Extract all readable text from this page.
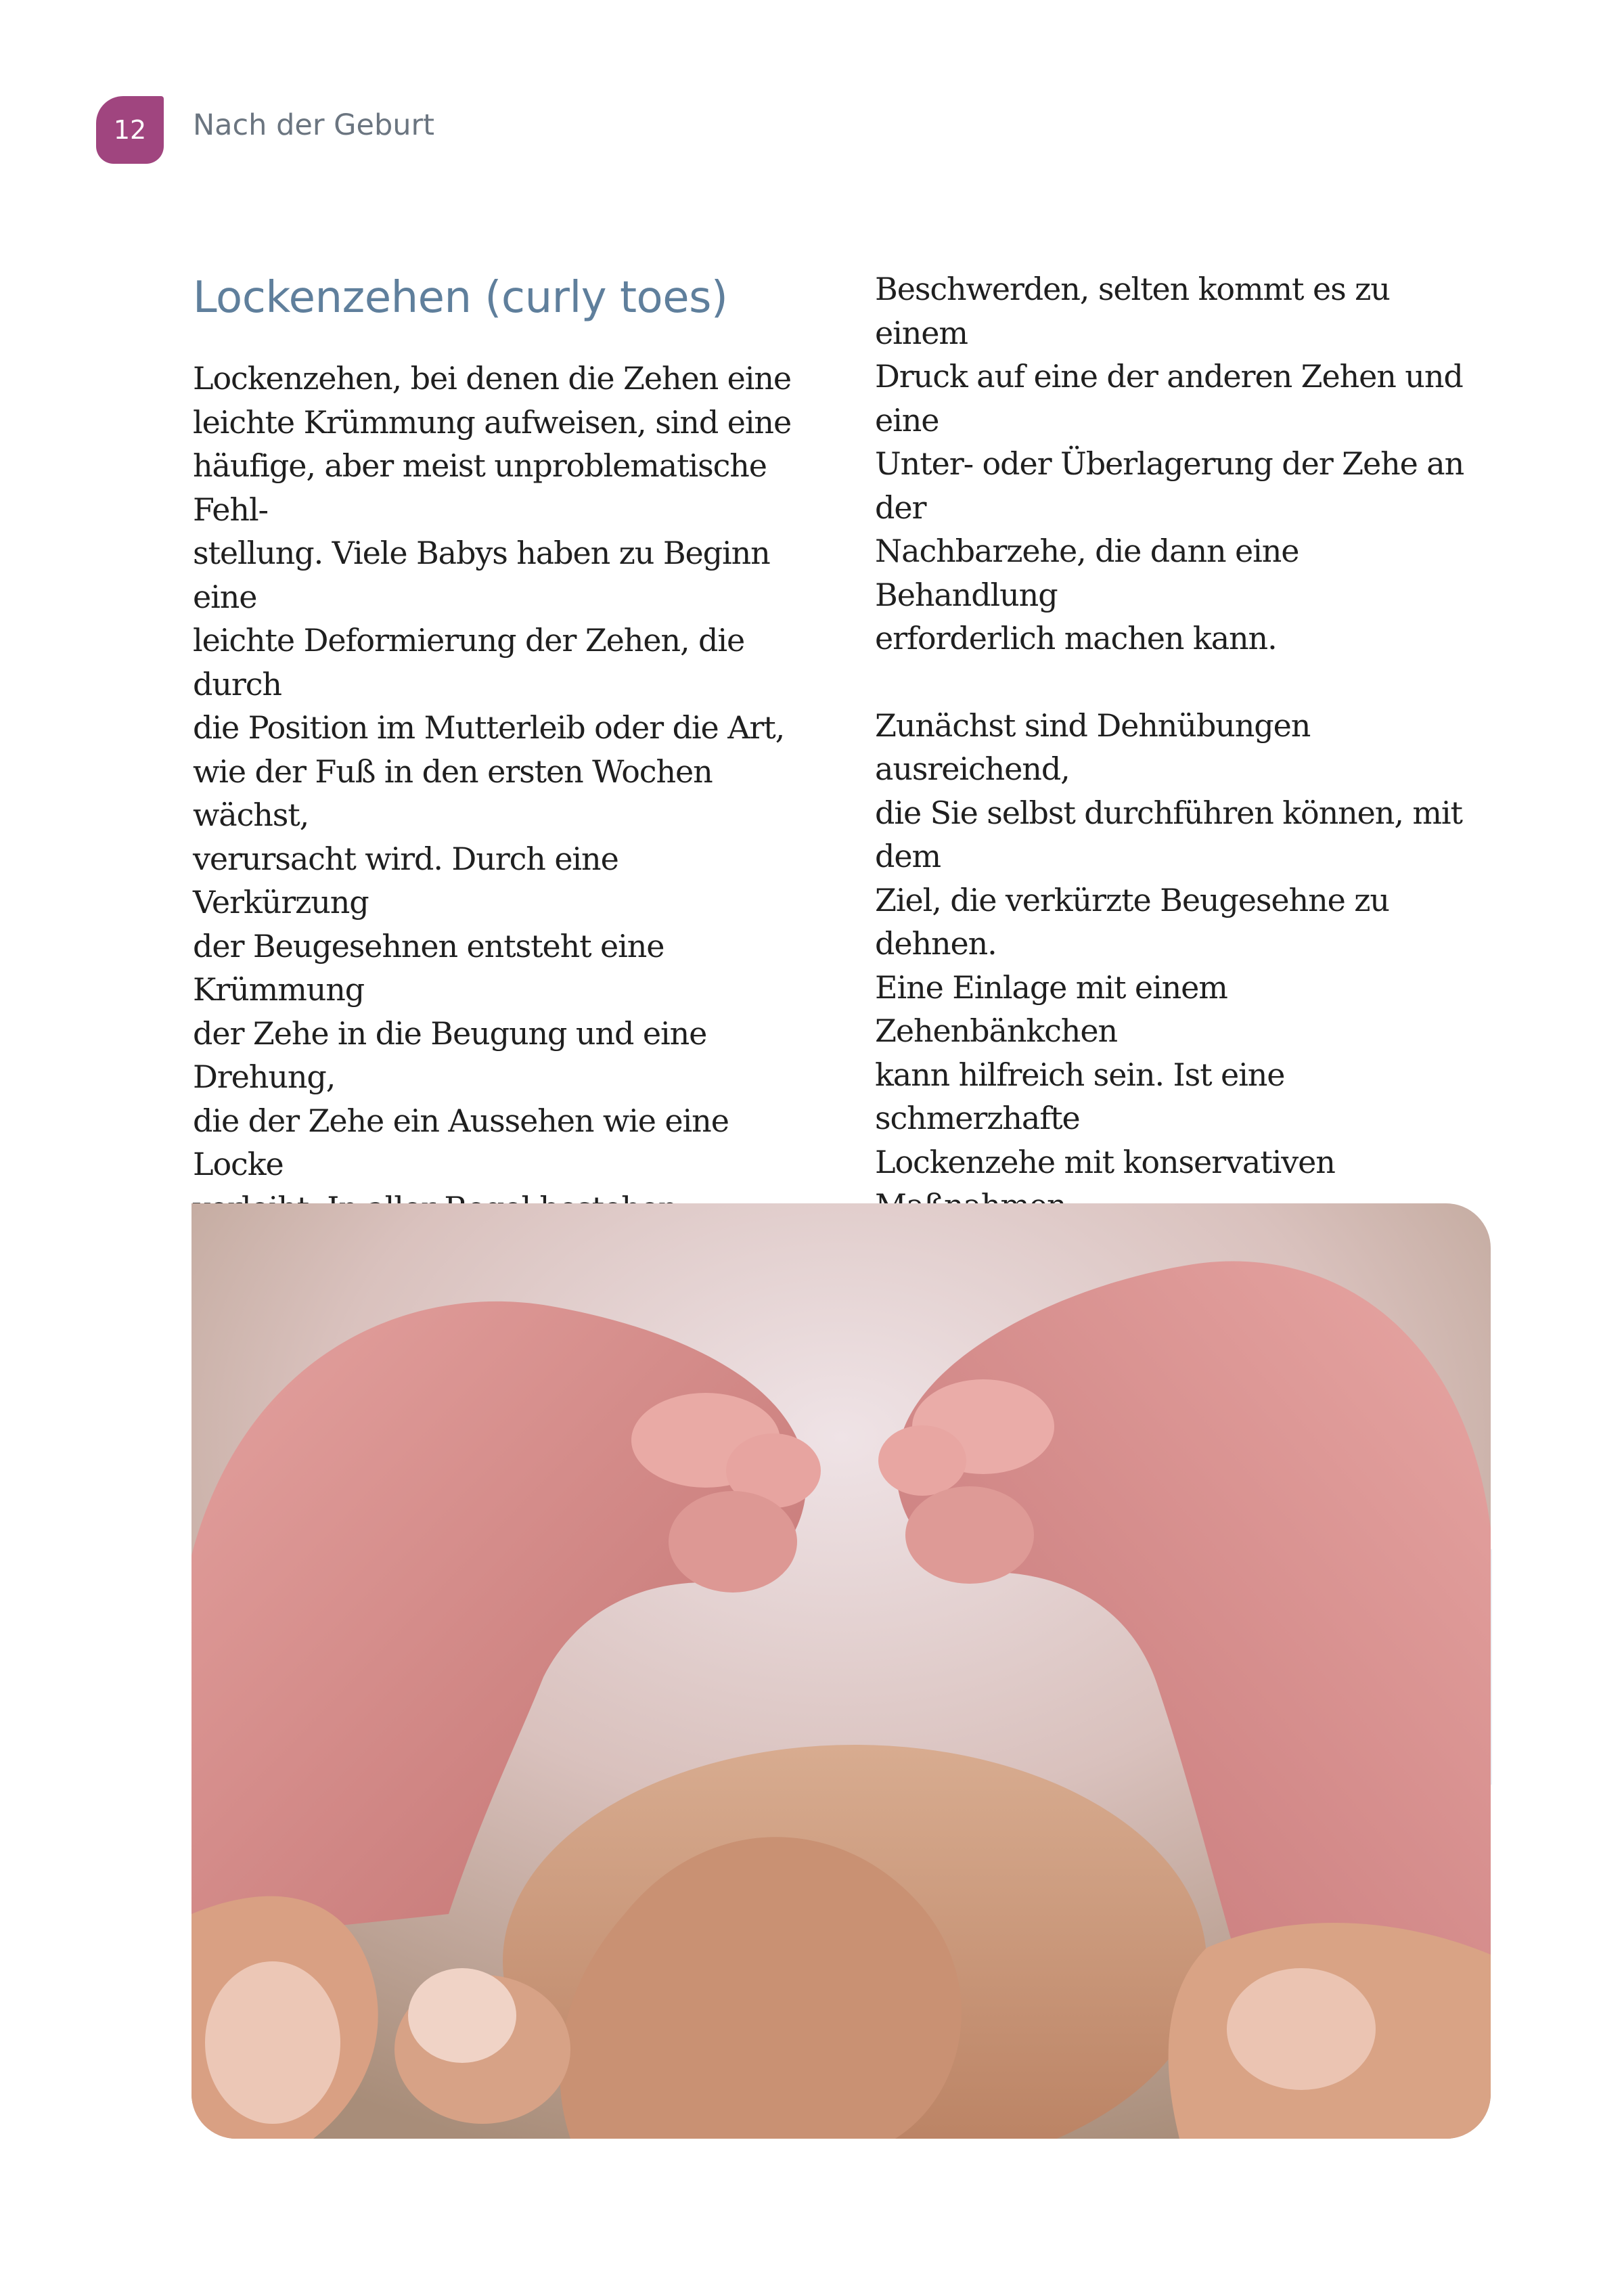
12 Nach der Geburt
Lockenzehen (curly toes)

Lockenzehen, bei denen die Zehen eine
leichte Krümmung aufweisen, sind eine
häufige, aber meist unproblematische Fehl-
stellung. Viele Babys haben zu Beginn eine
leichte Deformierung der Zehen, die durch
die Position im Mutterleib oder die Art,
wie der Fuß in den ersten Wochen wächst,
verursacht wird. Durch eine Verkürzung
der Beugesehnen entsteht eine Krümmung
der Zehe in die Beugung und eine Drehung,
die der Zehe ein Aussehen wie eine Locke

Beschwerden, selten kommt es zu einem
Druck auf eine der anderen Zehen und eine
Unter- oder Überlagerung der Zehe an der
Nachbarzehe, die dann eine Behandlung
erforderlich machen kann.

Zunächst sind Dehnübungen ausreichend,
die Sie selbst durchführen können, mit dem
Ziel, die verkürzte Beugesehne zu dehnen.
Eine Einlage mit einem Zehenbänkchen
kann hilfreich sein. Ist eine schmerzhafte
Lockenzehe mit konservativen
